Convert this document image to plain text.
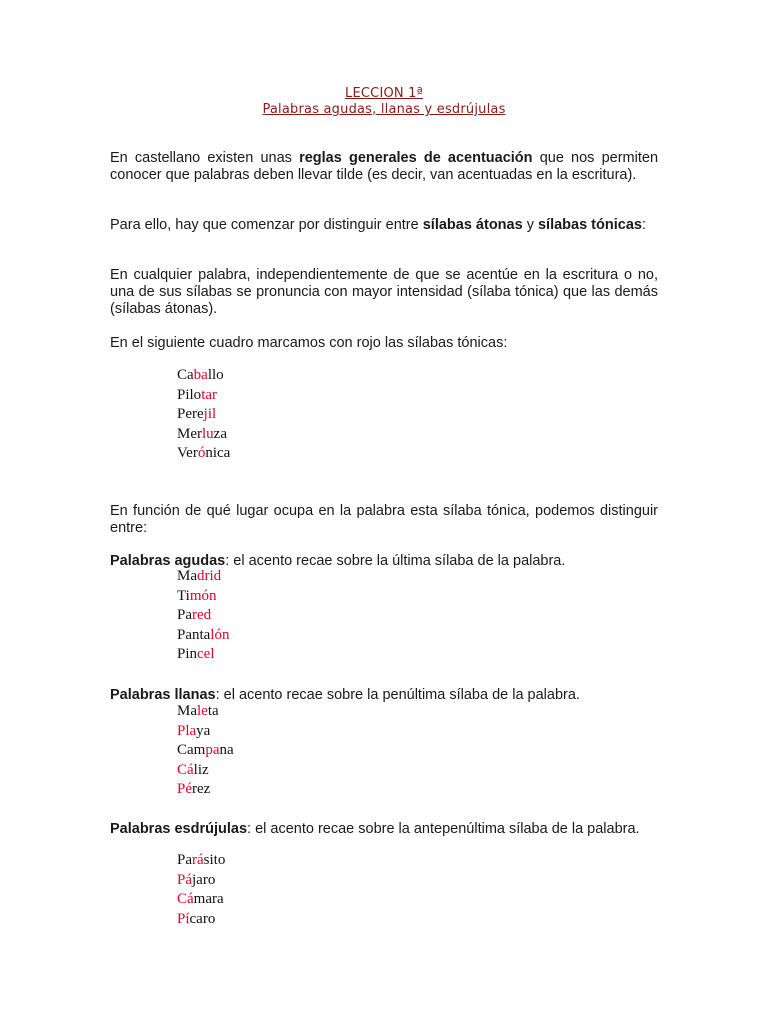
LECCION 1ª
Palabras agudas, llanas y esdrújulas
En castellano existen unas reglas generales de acentuación que nos permiten conocer que palabras deben llevar tilde (es decir, van acentuadas en la escritura).
Para ello, hay que comenzar por distinguir entre sílabas átonas y sílabas tónicas:
En cualquier palabra, independientemente de que se acentúe en la escritura o no, una de sus sílabas se pronuncia con mayor intensidad (sílaba tónica) que las demás (sílabas átonas).
En el siguiente cuadro marcamos con rojo las sílabas tónicas:
Caballo
Pilotar
Perejil
Merluza
Verónica
En función de qué lugar ocupa en la palabra esta sílaba tónica, podemos distinguir entre:
Palabras agudas: el acento recae sobre la última sílaba de la palabra.
Madrid
Timón
Pared
Pantalón
Pincel
Palabras llanas: el acento recae sobre la penúltima sílaba de la palabra.
Maleta
Playa
Campana
Cáliz
Pérez
Palabras esdrújulas: el acento recae sobre la antepenúltima sílaba de la palabra.
Parásito
Pájaro
Cámara
Pícaro
